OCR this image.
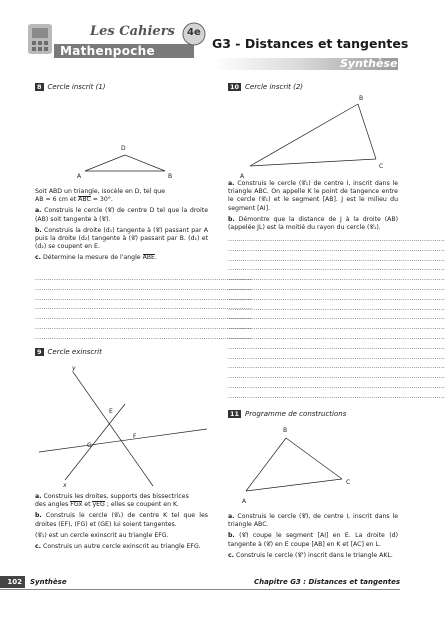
Les Cahiers
Mathenpoche
4e
G3 - Distances et tangentes
Synthèse
8 Cercle inscrit (1)
D
A	B

Soit ABD un triangle, isocèle en D, tel que

AB = 6 cm et ABC = 30°.

a. Construis le cercle (𝒞) de centre D tel que la droite (AB) soit tangente à (𝒞).

b. Construis la droite (d₁) tangente à (𝒞) passant par A puis la droite (d₂) tangente à (𝒞) passant par B. (d₁) et (d₂) se coupent en E.

c. Détermine la mesure de l'angle ABE.

.......................................................................................................
.......................................................................................................
.......................................................................................................
.......................................................................................................
.......................................................................................................
.......................................................................................................
.......................................................................................................
9 Cercle exinscrit
y
E
F
G
x

a. Construis les droites, supports des bissectrices

des angles FGx et yEG ; elles se coupent en K.

b. Construis le cercle (𝒞₁) de centre K tel que les droites (EF), (FG) et (GE) lui soient tangentes.

(𝒞₁) est un cercle exinscrit au triangle EFG.

c. Construis un autre cercle exinscrit au triangle EFG.

10 Cercle inscrit (2)
B
A
C

a. Construis le cercle (𝒞₁) de centre I, inscrit dans le triangle ABC. On appelle K le point de tangence entre le cercle (𝒞₁) et le segment [AB]. J est le milieu du segment [AI].

b. Démontre que la distance de J à la droite (AB) (appelée JL) est la moitié du rayon du cercle (𝒞₁).

.......................................................................................................
.......................................................................................................
.......................................................................................................
.......................................................................................................
.......................................................................................................
.......................................................................................................
.......................................................................................................
.......................................................................................................
.......................................................................................................
.......................................................................................................
.......................................................................................................
.......................................................................................................
.......................................................................................................
.......................................................................................................
.......................................................................................................
.......................................................................................................
.......................................................................................................
11 Programme de constructions
B
C
A

a. Construis le cercle (𝒞), de centre I, inscrit dans le triangle ABC.

b. (𝒞) coupe le segment [AI] en E. La droite (d) tangente à (𝒞) en E coupe [AB] en K et [AC] en L.

c. Construis le cercle (𝒞') inscrit dans le triangle AKL.

102	Synthèse	Chapitre G3 : Distances et tangentes
